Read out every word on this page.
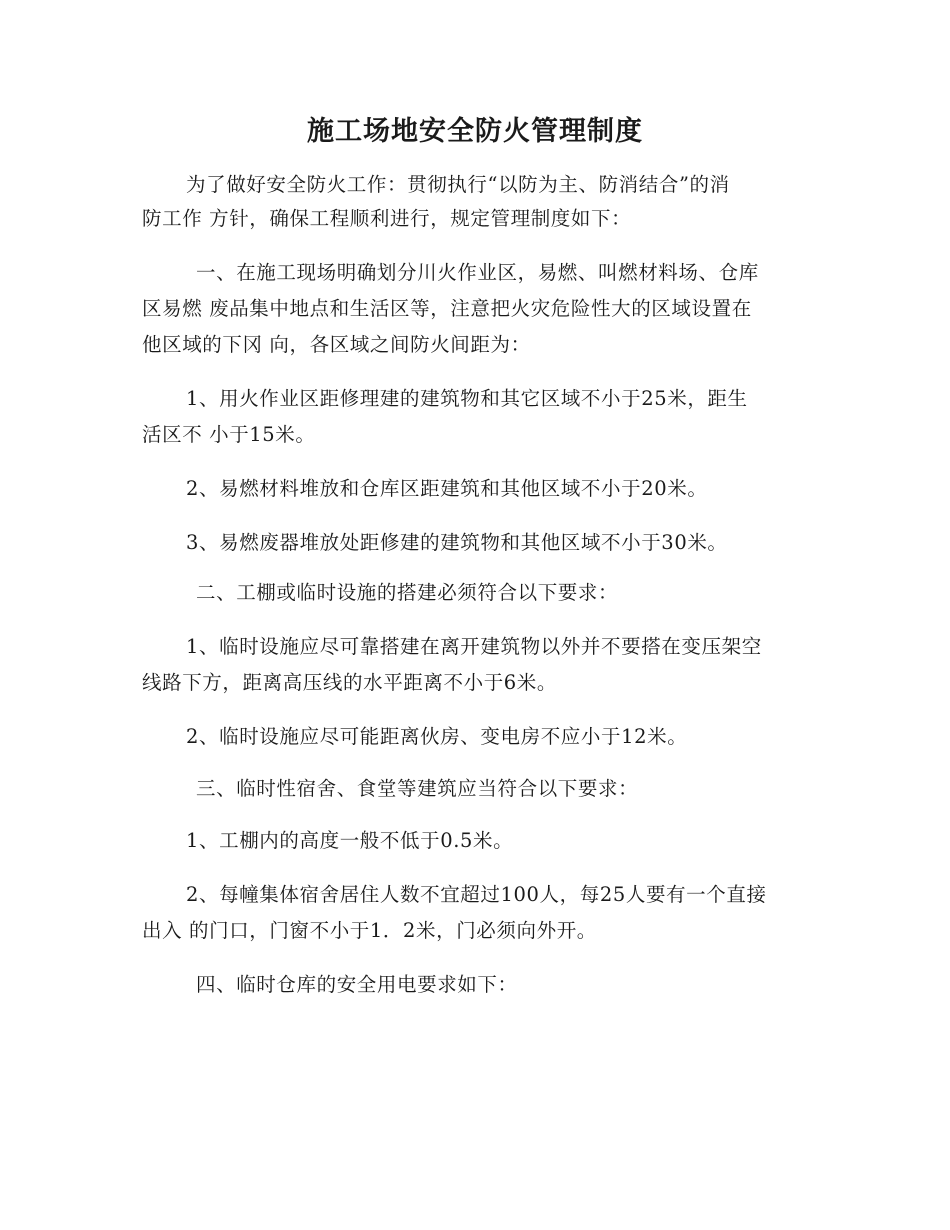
施工场地安全防火管理制度

为了做好安全防火工作：贯彻执行“以防为主、防消结合”的消

防工作 方针，确保工程顺利进行，规定管理制度如下：

一、在施工现场明确划分川火作业区，易燃、叫燃材料场、仓库

区易燃 废品集中地点和生活区等，注意把火灾危险性大的区域设置在

他区域的下冈 向，各区域之间防火间距为：

1、用火作业区距修理建的建筑物和其它区域不小于25米，距生

活区不 小于15米。

2、易燃材料堆放和仓库区距建筑和其他区域不小于20米。

3、易燃废器堆放处距修建的建筑物和其他区域不小于30米。

二、工棚或临时设施的搭建必须符合以下要求：

1、临时设施应尽可靠搭建在离开建筑物以外并不要搭在变压架空

线路下方，距离高压线的水平距离不小于6米。

2、临时设施应尽可能距离伙房、变电房不应小于12米。

三、临时性宿舍、食堂等建筑应当符合以下要求：

1、工棚内的高度一般不低于0.5米。

2、每幢集体宿舍居住人数不宜超过100人，每25人要有一个直接

出入 的门口，门窗不小于1．2米，门必须向外开。

四、临时仓库的安全用电要求如下：
